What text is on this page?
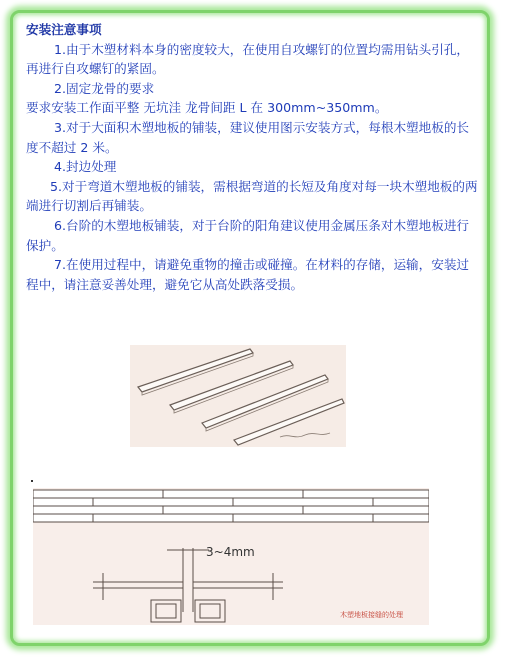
安装注意事项

1.由于木塑材料本身的密度较大，在使用自攻螺钉的位置均需用钻头引孔，再进行自攻螺钉的紧固。

2.固定龙骨的要求

要求安装工作面平整 无坑洼 龙骨间距 L 在 300mm~350mm。

3.对于大面积木塑地板的铺装，建议使用图示安装方式，每根木塑地板的长度不超过 2 米。

4.封边处理

5.对于弯道木塑地板的铺装，需根据弯道的长短及角度对每一块木塑地板的两端进行切割后再铺装。

6.台阶的木塑地板铺装，对于台阶的阳角建议使用金属压条对木塑地板进行保护。

7.在使用过程中，请避免重物的撞击或碰撞。在材料的存储，运输，安装过程中，请注意妥善处理，避免它从高处跌落受损。

3~4mm
木塑地板接缝的处理
